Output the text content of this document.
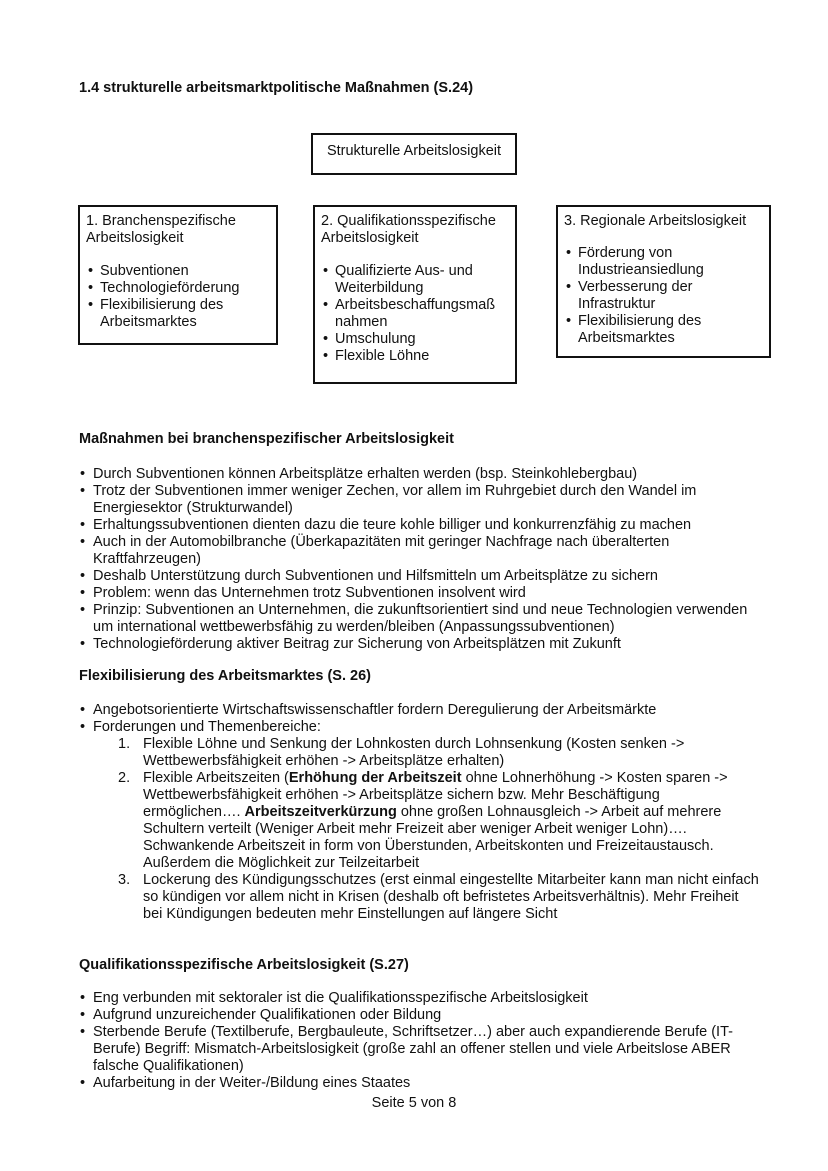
1.4 strukturelle arbeitsmarktpolitische Maßnahmen (S.24)
Strukturelle Arbeitslosigkeit
1. Branchenspezifische Arbeitslosigkeit
• Subventionen
• Technologieförderung
• Flexibilisierung des Arbeitsmarktes
2. Qualifikationsspezifische Arbeitslosigkeit
• Qualifizierte Aus- und Weiterbildung
• Arbeitsbeschaffungsmaß nahmen
• Umschulung
• Flexible Löhne
3. Regionale Arbeitslosigkeit
• Förderung von Industrieansiedlung
• Verbesserung der Infrastruktur
• Flexibilisierung des Arbeitsmarktes
Maßnahmen bei branchenspezifischer Arbeitslosigkeit
• Durch Subventionen können Arbeitsplätze erhalten werden (bsp. Steinkohlebergbau)
• Trotz der Subventionen immer weniger Zechen, vor allem im Ruhrgebiet durch den Wandel im Energiesektor (Strukturwandel)
• Erhaltungssubventionen dienten dazu die teure kohle billiger und konkurrenzfähig zu machen
• Auch in der Automobilbranche (Überkapazitäten mit geringer Nachfrage nach überalterten Kraftfahrzeugen)
• Deshalb Unterstützung durch Subventionen und Hilfsmitteln um Arbeitsplätze zu sichern
• Problem: wenn das Unternehmen trotz Subventionen insolvent wird
• Prinzip: Subventionen an Unternehmen, die zukunftsorientiert sind und neue Technologien verwenden um international wettbewerbsfähig zu werden/bleiben (Anpassungssubventionen)
• Technologieförderung aktiver Beitrag zur Sicherung von Arbeitsplätzen mit Zukunft
Flexibilisierung des Arbeitsmarktes (S. 26)
• Angebotsorientierte Wirtschaftswissenschaftler fordern Deregulierung der Arbeitsmärkte
• Forderungen und Themenbereiche:
1. Flexible Löhne und Senkung der Lohnkosten durch Lohnsenkung (Kosten senken -> Wettbewerbsfähigkeit erhöhen -> Arbeitsplätze erhalten)
2. Flexible Arbeitszeiten (Erhöhung der Arbeitszeit ohne Lohnerhöhung -> Kosten sparen -> Wettbewerbsfähigkeit erhöhen -> Arbeitsplätze sichern bzw. Mehr Beschäftigung ermöglichen…. Arbeitszeitverkürzung ohne großen Lohnausgleich -> Arbeit auf mehrere Schultern verteilt (Weniger Arbeit mehr Freizeit aber weniger Arbeit weniger Lohn)…. Schwankende Arbeitszeit in form von Überstunden, Arbeitskonten und Freizeitaustausch. Außerdem die Möglichkeit zur Teilzeitarbeit
3. Lockerung des Kündigungsschutzes (erst einmal eingestellte Mitarbeiter kann man nicht einfach so kündigen vor allem nicht in Krisen (deshalb oft befristetes Arbeitsverhältnis). Mehr Freiheit bei Kündigungen bedeuten mehr Einstellungen auf längere Sicht
Qualifikationsspezifische Arbeitslosigkeit (S.27)
• Eng verbunden mit sektoraler ist die Qualifikationsspezifische Arbeitslosigkeit
• Aufgrund unzureichender Qualifikationen oder Bildung
• Sterbende Berufe (Textilberufe, Bergbauleute, Schriftsetzer…) aber auch expandierende Berufe (IT-Berufe) Begriff: Mismatch-Arbeitslosigkeit (große zahl an offener stellen und viele Arbeitslose ABER falsche Qualifikationen)
• Aufarbeitung in der Weiter-/Bildung eines Staates
Seite 5 von 8
